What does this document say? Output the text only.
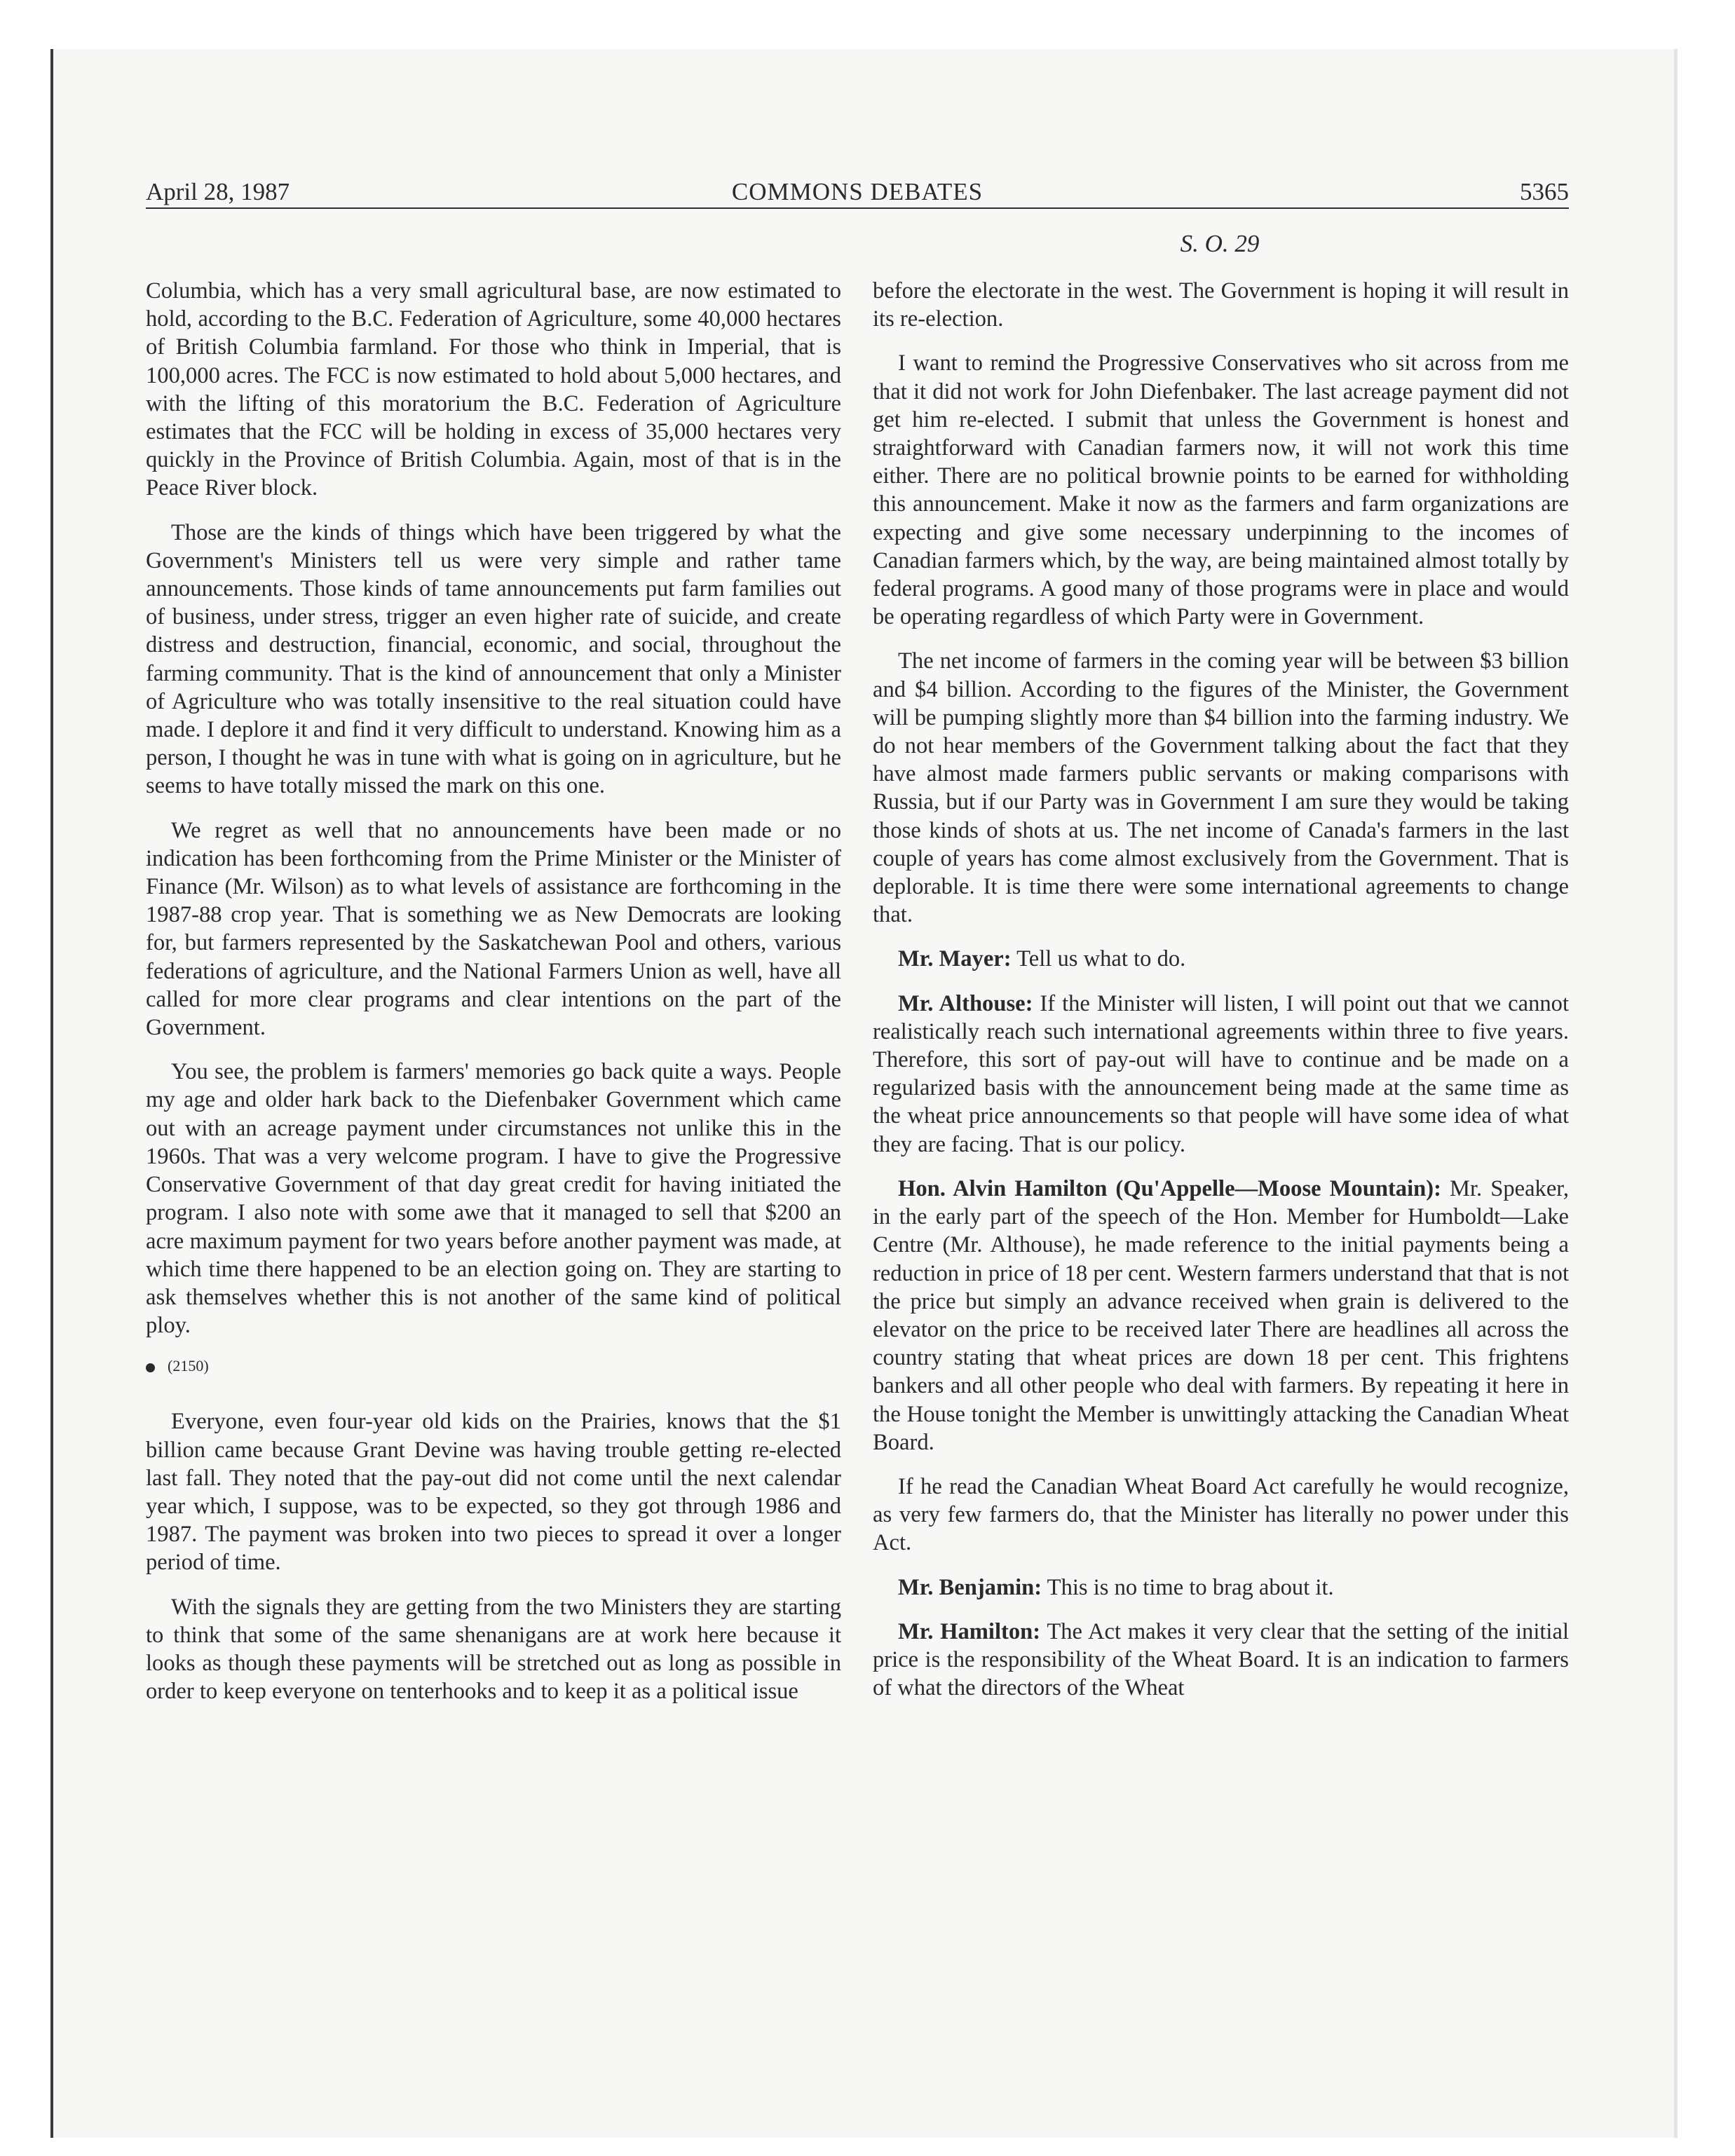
April 28, 1987	COMMONS DEBATES	5365
S. O. 29

Columbia, which has a very small agricultural base, are now estimated to hold, according to the B.C. Federation of Agriculture, some 40,000 hectares of British Columbia farmland. For those who think in Imperial, that is 100,000 acres. The FCC is now estimated to hold about 5,000 hectares, and with the lifting of this moratorium the B.C. Federation of Agriculture estimates that the FCC will be holding in excess of 35,000 hectares very quickly in the Province of British Columbia. Again, most of that is in the Peace River block.

Those are the kinds of things which have been triggered by what the Government's Ministers tell us were very simple and rather tame announcements. Those kinds of tame announcements put farm families out of business, under stress, trigger an even higher rate of suicide, and create distress and destruction, financial, economic, and social, throughout the farming community. That is the kind of announcement that only a Minister of Agriculture who was totally insensitive to the real situation could have made. I deplore it and find it very difficult to understand. Knowing him as a person, I thought he was in tune with what is going on in agriculture, but he seems to have totally missed the mark on this one.

We regret as well that no announcements have been made or no indication has been forthcoming from the Prime Minister or the Minister of Finance (Mr. Wilson) as to what levels of assistance are forthcoming in the 1987-88 crop year. That is something we as New Democrats are looking for, but farmers represented by the Saskatchewan Pool and others, various federations of agriculture, and the National Farmers Union as well, have all called for more clear programs and clear intentions on the part of the Government.

You see, the problem is farmers' memories go back quite a ways. People my age and older hark back to the Diefenbaker Government which came out with an acreage payment under circumstances not unlike this in the 1960s. That was a very welcome program. I have to give the Progressive Conservative Government of that day great credit for having initiated the program. I also note with some awe that it managed to sell that $200 an acre maximum payment for two years before another payment was made, at which time there happened to be an election going on. They are starting to ask themselves whether this is not another of the same kind of political ploy.

(2150)

Everyone, even four-year old kids on the Prairies, knows that the $1 billion came because Grant Devine was having trouble getting re-elected last fall. They noted that the pay-out did not come until the next calendar year which, I suppose, was to be expected, so they got through 1986 and 1987. The payment was broken into two pieces to spread it over a longer period of time.

With the signals they are getting from the two Ministers they are starting to think that some of the same shenanigans are at work here because it looks as though these payments will be stretched out as long as possible in order to keep everyone on tenterhooks and to keep it as a political issue

before the electorate in the west. The Government is hoping it will result in its re-election.

I want to remind the Progressive Conservatives who sit across from me that it did not work for John Diefenbaker. The last acreage payment did not get him re-elected. I submit that unless the Government is honest and straightforward with Canadian farmers now, it will not work this time either. There are no political brownie points to be earned for withholding this announcement. Make it now as the farmers and farm organizations are expecting and give some necessary underpinning to the incomes of Canadian farmers which, by the way, are being maintained almost totally by federal programs. A good many of those programs were in place and would be operating regardless of which Party were in Government.

The net income of farmers in the coming year will be between $3 billion and $4 billion. According to the figures of the Minister, the Government will be pumping slightly more than $4 billion into the farming industry. We do not hear members of the Government talking about the fact that they have almost made farmers public servants or making comparisons with Russia, but if our Party was in Government I am sure they would be taking those kinds of shots at us. The net income of Canada's farmers in the last couple of years has come almost exclusively from the Government. That is deplorable. It is time there were some international agreements to change that.

Mr. Mayer: Tell us what to do.

Mr. Althouse: If the Minister will listen, I will point out that we cannot realistically reach such international agreements within three to five years. Therefore, this sort of pay-out will have to continue and be made on a regularized basis with the announcement being made at the same time as the wheat price announcements so that people will have some idea of what they are facing. That is our policy.

Hon. Alvin Hamilton (Qu'Appelle—Moose Mountain): Mr. Speaker, in the early part of the speech of the Hon. Member for Humboldt—Lake Centre (Mr. Althouse), he made reference to the initial payments being a reduction in price of 18 per cent. Western farmers understand that that is not the price but simply an advance received when grain is delivered to the elevator on the price to be received later There are headlines all across the country stating that wheat prices are down 18 per cent. This frightens bankers and all other people who deal with farmers. By repeating it here in the House tonight the Member is unwittingly attacking the Canadian Wheat Board.

If he read the Canadian Wheat Board Act carefully he would recognize, as very few farmers do, that the Minister has literally no power under this Act.

Mr. Benjamin: This is no time to brag about it.

Mr. Hamilton: The Act makes it very clear that the setting of the initial price is the responsibility of the Wheat Board. It is an indication to farmers of what the directors of the Wheat
